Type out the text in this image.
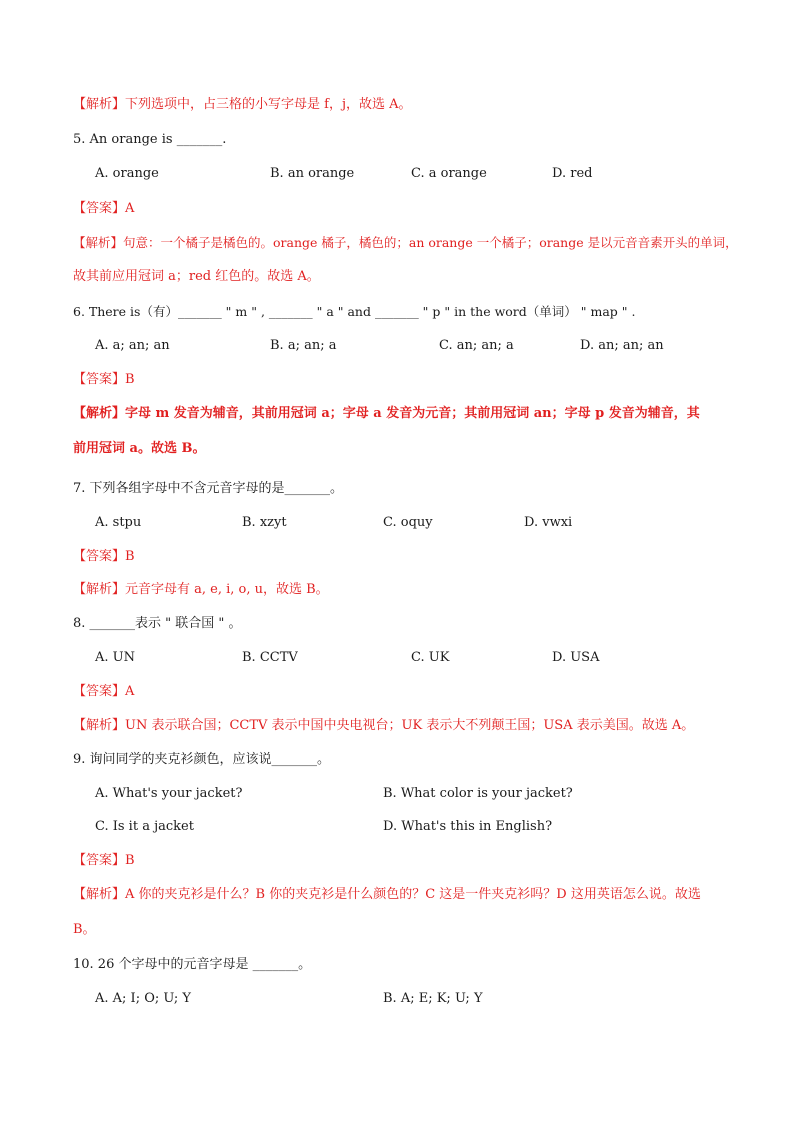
【解析】下列选项中，占三格的小写字母是 f，j，故选 A。
5. An orange is _______.
A. orange	B. an orange	C. a orange	D. red
【答案】A
【解析】句意：一个橘子是橘色的。orange 橘子，橘色的；an orange 一个橘子；orange 是以元音音素开头的单词，
故其前应用冠词 a；red 红色的。故选 A。
6. There is（有）_______ " m " , _______ " a " and _______ " p " in the word（单词） " map " .
A. a; an; an	B. a; an; a	C. an; an; a	D. an; an; an
【答案】B
【解析】字母 m 发音为辅音，其前用冠词 a；字母 a 发音为元音；其前用冠词 an；字母 p 发音为辅音，其
前用冠词 a。故选 B。
7. 下列各组字母中不含元音字母的是_______。
A. stpu	B. xzyt	C. oquy	D. vwxi
【答案】B
【解析】元音字母有 a, e, i, o, u，故选 B。
8. _______表示 " 联合国 " 。
A. UN	B. CCTV	C. UK	D. USA
【答案】A
【解析】UN 表示联合国；CCTV 表示中国中央电视台；UK 表示大不列颠王国；USA 表示美国。故选 A。
9. 询问同学的夹克衫颜色，应该说_______。
A. What's your jacket?	B. What color is your jacket?
C. Is it a jacket	D. What's this in English?
【答案】B
【解析】A 你的夹克衫是什么？B 你的夹克衫是什么颜色的？C 这是一件夹克衫吗？D 这用英语怎么说。故选
B。
10. 26 个字母中的元音字母是 _______。
A. A; I; O; U; Y	B. A; E; K; U; Y
